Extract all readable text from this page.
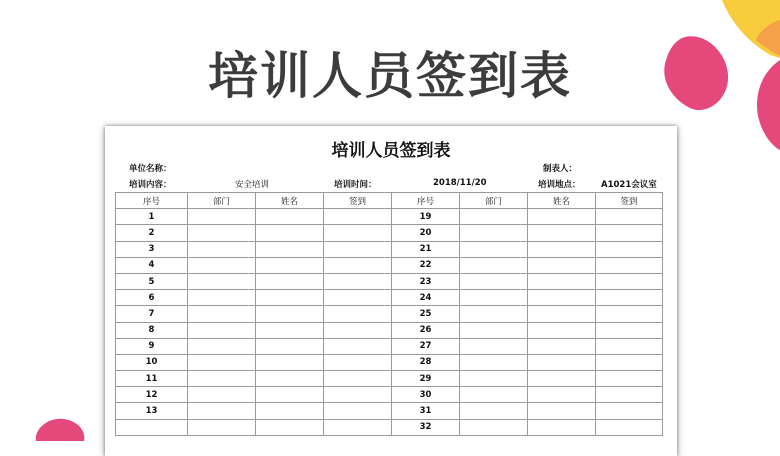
培训人员签到表
培训人员签到表
单位名称：	制表人：
培训内容：	安全培训	培训时间：	2018/11/20	培训地点： A1021会议室
序号	部门	姓名	签到	序号	部门	姓名	签到
1				19			
2				20			
3				21			
4				22			
5				23			
6				24			
7				25			
8				26			
9				27			
10				28			
11				29			
12				30			
13				31			
				32			
